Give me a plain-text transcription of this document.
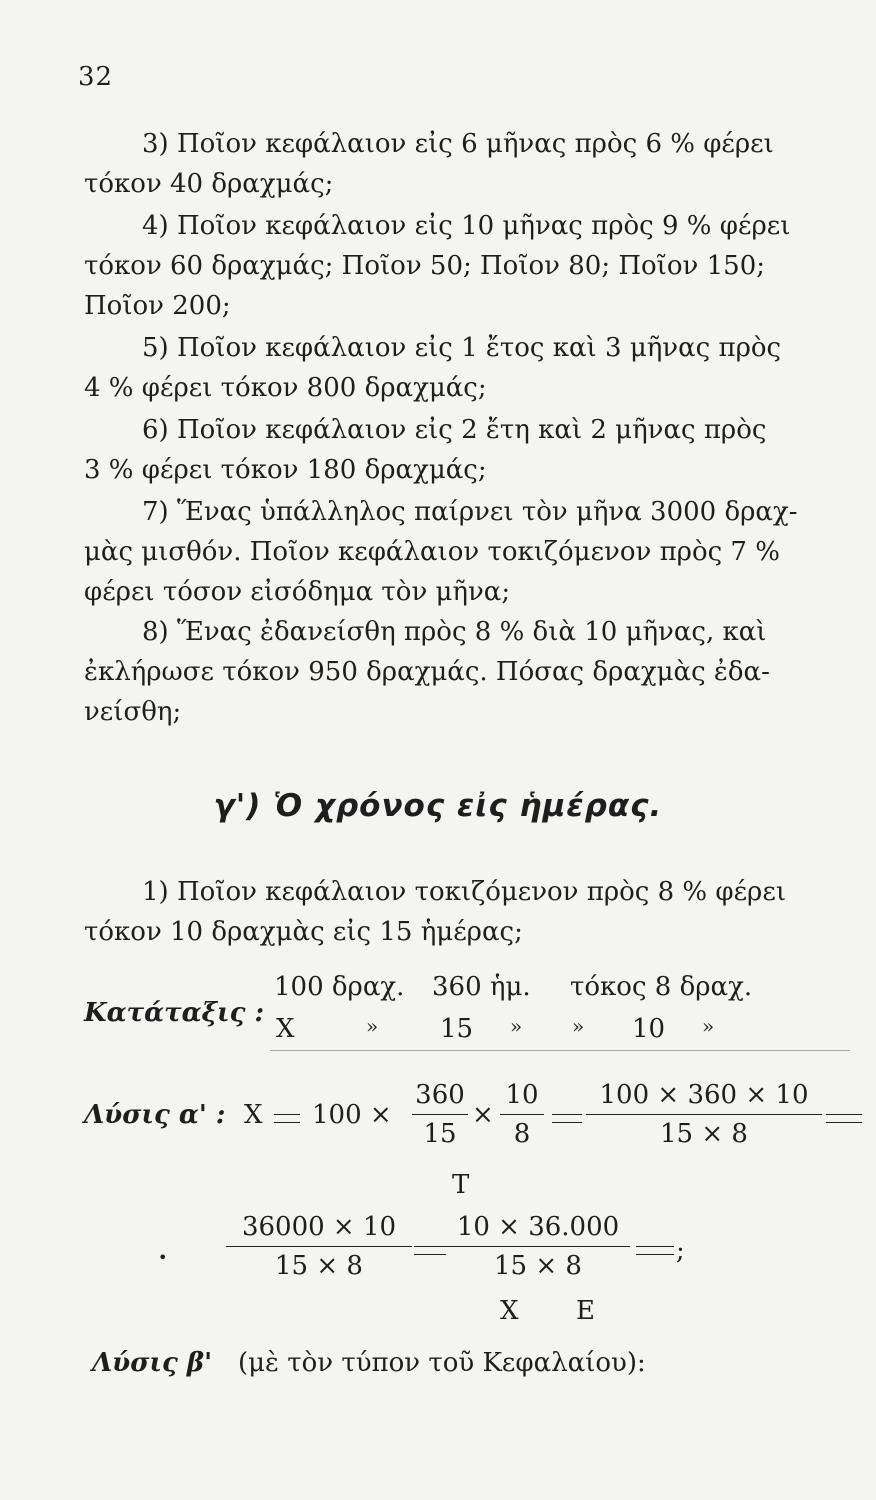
32
3) Ποῖον κεφάλαιον εἰς 6 μῆνας πρὸς 6 % φέρει
τόκον 40 δραχμάς;
4) Ποῖον κεφάλαιον εἰς 10 μῆνας πρὸς 9 % φέρει
τόκον 60 δραχμάς; Ποῖον 50; Ποῖον 80; Ποῖον 150;
Ποῖον 200;
5) Ποῖον κεφάλαιον εἰς 1 ἔτος καὶ 3 μῆνας πρὸς
4 % φέρει τόκον 800 δραχμάς;
6) Ποῖον κεφάλαιον εἰς 2 ἔτη καὶ 2 μῆνας πρὸς
3 % φέρει τόκον 180 δραχμάς;
7) Ἕνας ὑπάλληλος παίρνει τὸν μῆνα 3000 δραχ-
μὰς μισθόν. Ποῖον κεφάλαιον τοκιζόμενον πρὸς 7 %
φέρει τόσον εἰσόδημα τὸν μῆνα;
8) Ἕνας ἐδανείσθη πρὸς 8 % διὰ 10 μῆνας, καὶ
ἐκλήρωσε τόκον 950 δραχμάς. Πόσας δραχμὰς ἐδα-
νείσθη;
γ') Ὁ χρόνος εἰς ἡμέρας.
1) Ποῖον κεφάλαιον τοκιζόμενον πρὸς 8 % φέρει
τόκον 10 δραχμὰς εἰς 15 ἡμέρας;
Κατάταξις :
100 δραχ. 360 ἡμ. τόκος 8 δραχ.
X	» 15 » » 10 »
Λύσις α' : X 100 ×
360
15
×
10
8
100 × 360 × 10
15 × 8
T
•
36000 × 10
15 × 8
10 × 36.000
15 × 8	;
X E
Λύσις β' (μὲ τὸν τύπον τοῦ Κεφαλαίου):
